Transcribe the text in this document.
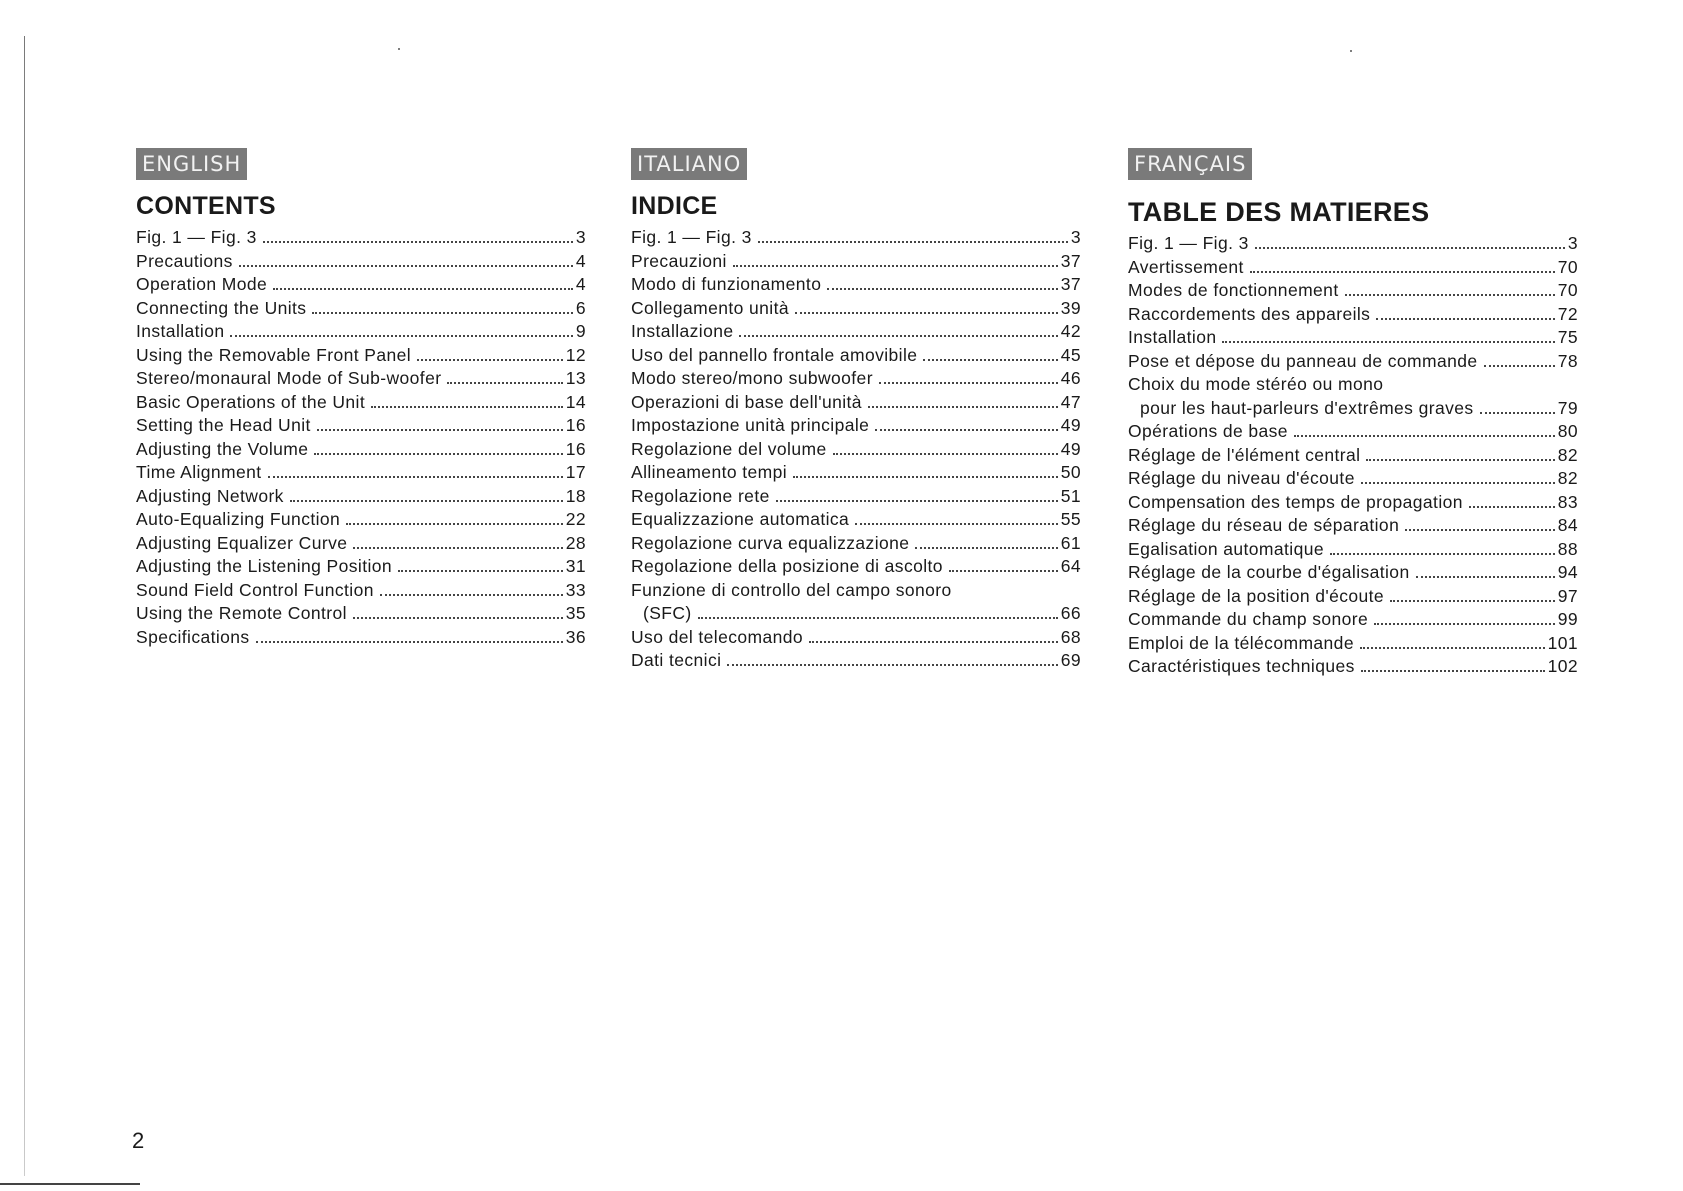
ENGLISH
CONTENTS
Fig. 1 — Fig. 3	3
Precautions	4
Operation Mode	4
Connecting the Units	6
Installation	9
Using the Removable Front Panel	12
Stereo/monaural Mode of Sub-woofer	13
Basic Operations of the Unit	14
Setting the Head Unit	16
Adjusting the Volume	16
Time Alignment	17
Adjusting Network	18
Auto-Equalizing Function	22
Adjusting Equalizer Curve	28
Adjusting the Listening Position	31
Sound Field Control Function	33
Using the Remote Control	35
Specifications	36
ITALIANO
INDICE
Fig. 1 — Fig. 3	3
Precauzioni	37
Modo di funzionamento	37
Collegamento unità	39
Installazione	42
Uso del pannello frontale amovibile	45
Modo stereo/mono subwoofer	46
Operazioni di base dell'unità	47
Impostazione unità principale	49
Regolazione del volume	49
Allineamento tempi	50
Regolazione rete	51
Equalizzazione automatica	55
Regolazione curva equalizzazione	61
Regolazione della posizione di ascolto	64
Funzione di controllo del campo sonoro
(SFC)	66
Uso del telecomando	68
Dati tecnici	69
FRANÇAIS
TABLE DES MATIERES
Fig. 1 — Fig. 3	3
Avertissement	70
Modes de fonctionnement	70
Raccordements des appareils	72
Installation	75
Pose et dépose du panneau de commande	78
Choix du mode stéréo ou mono
pour les haut-parleurs d'extrêmes graves	79
Opérations de base	80
Réglage de l'élément central	82
Réglage du niveau d'écoute	82
Compensation des temps de propagation	83
Réglage du réseau de séparation	84
Egalisation automatique	88
Réglage de la courbe d'égalisation	94
Réglage de la position d'écoute	97
Commande du champ sonore	99
Emploi de la télécommande	101
Caractéristiques techniques	102
2
